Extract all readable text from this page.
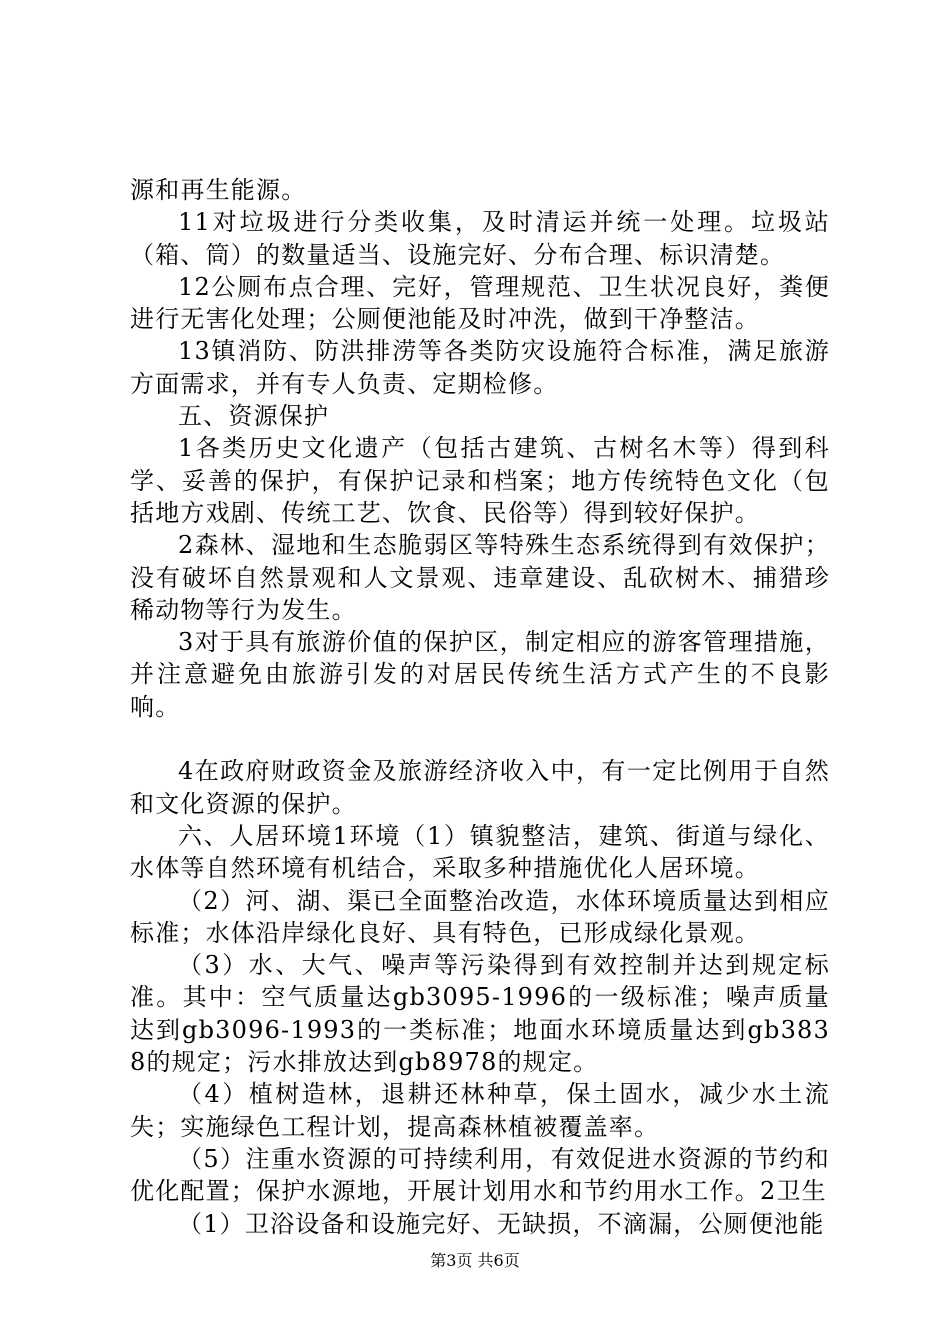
源和再生能源。

11对垃圾进行分类收集，及时清运并统一处理。垃圾站（箱、筒）的数量适当、设施完好、分布合理、标识清楚。

12公厕布点合理、完好，管理规范、卫生状况良好，粪便进行无害化处理；公厕便池能及时冲洗，做到干净整洁。

13镇消防、防洪排涝等各类防灾设施符合标准，满足旅游方面需求，并有专人负责、定期检修。

五、资源保护

1各类历史文化遗产（包括古建筑、古树名木等）得到科学、妥善的保护，有保护记录和档案；地方传统特色文化（包括地方戏剧、传统工艺、饮食、民俗等）得到较好保护。

2森林、湿地和生态脆弱区等特殊生态系统得到有效保护；没有破坏自然景观和人文景观、违章建设、乱砍树木、捕猎珍稀动物等行为发生。

3对于具有旅游价值的保护区，制定相应的游客管理措施，并注意避免由旅游引发的对居民传统生活方式产生的不良影响。

4在政府财政资金及旅游经济收入中，有一定比例用于自然和文化资源的保护。

六、人居环境1环境（1）镇貌整洁，建筑、街道与绿化、水体等自然环境有机结合，采取多种措施优化人居环境。

（2）河、湖、渠已全面整治改造，水体环境质量达到相应标准；水体沿岸绿化良好、具有特色，已形成绿化景观。

（3）水、大气、噪声等污染得到有效控制并达到规定标准。其中：空气质量达gb3095-1996的一级标准；噪声质量达到gb3096-1993的一类标准；地面水环境质量达到gb3838的规定；污水排放达到gb8978的规定。

（4）植树造林，退耕还林种草，保土固水，减少水土流失；实施绿色工程计划，提高森林植被覆盖率。

（5）注重水资源的可持续利用，有效促进水资源的节约和优化配置；保护水源地，开展计划用水和节约用水工作。2卫生

（1）卫浴设备和设施完好、无缺损，不滴漏，公厕便池能

第3页 共6页
